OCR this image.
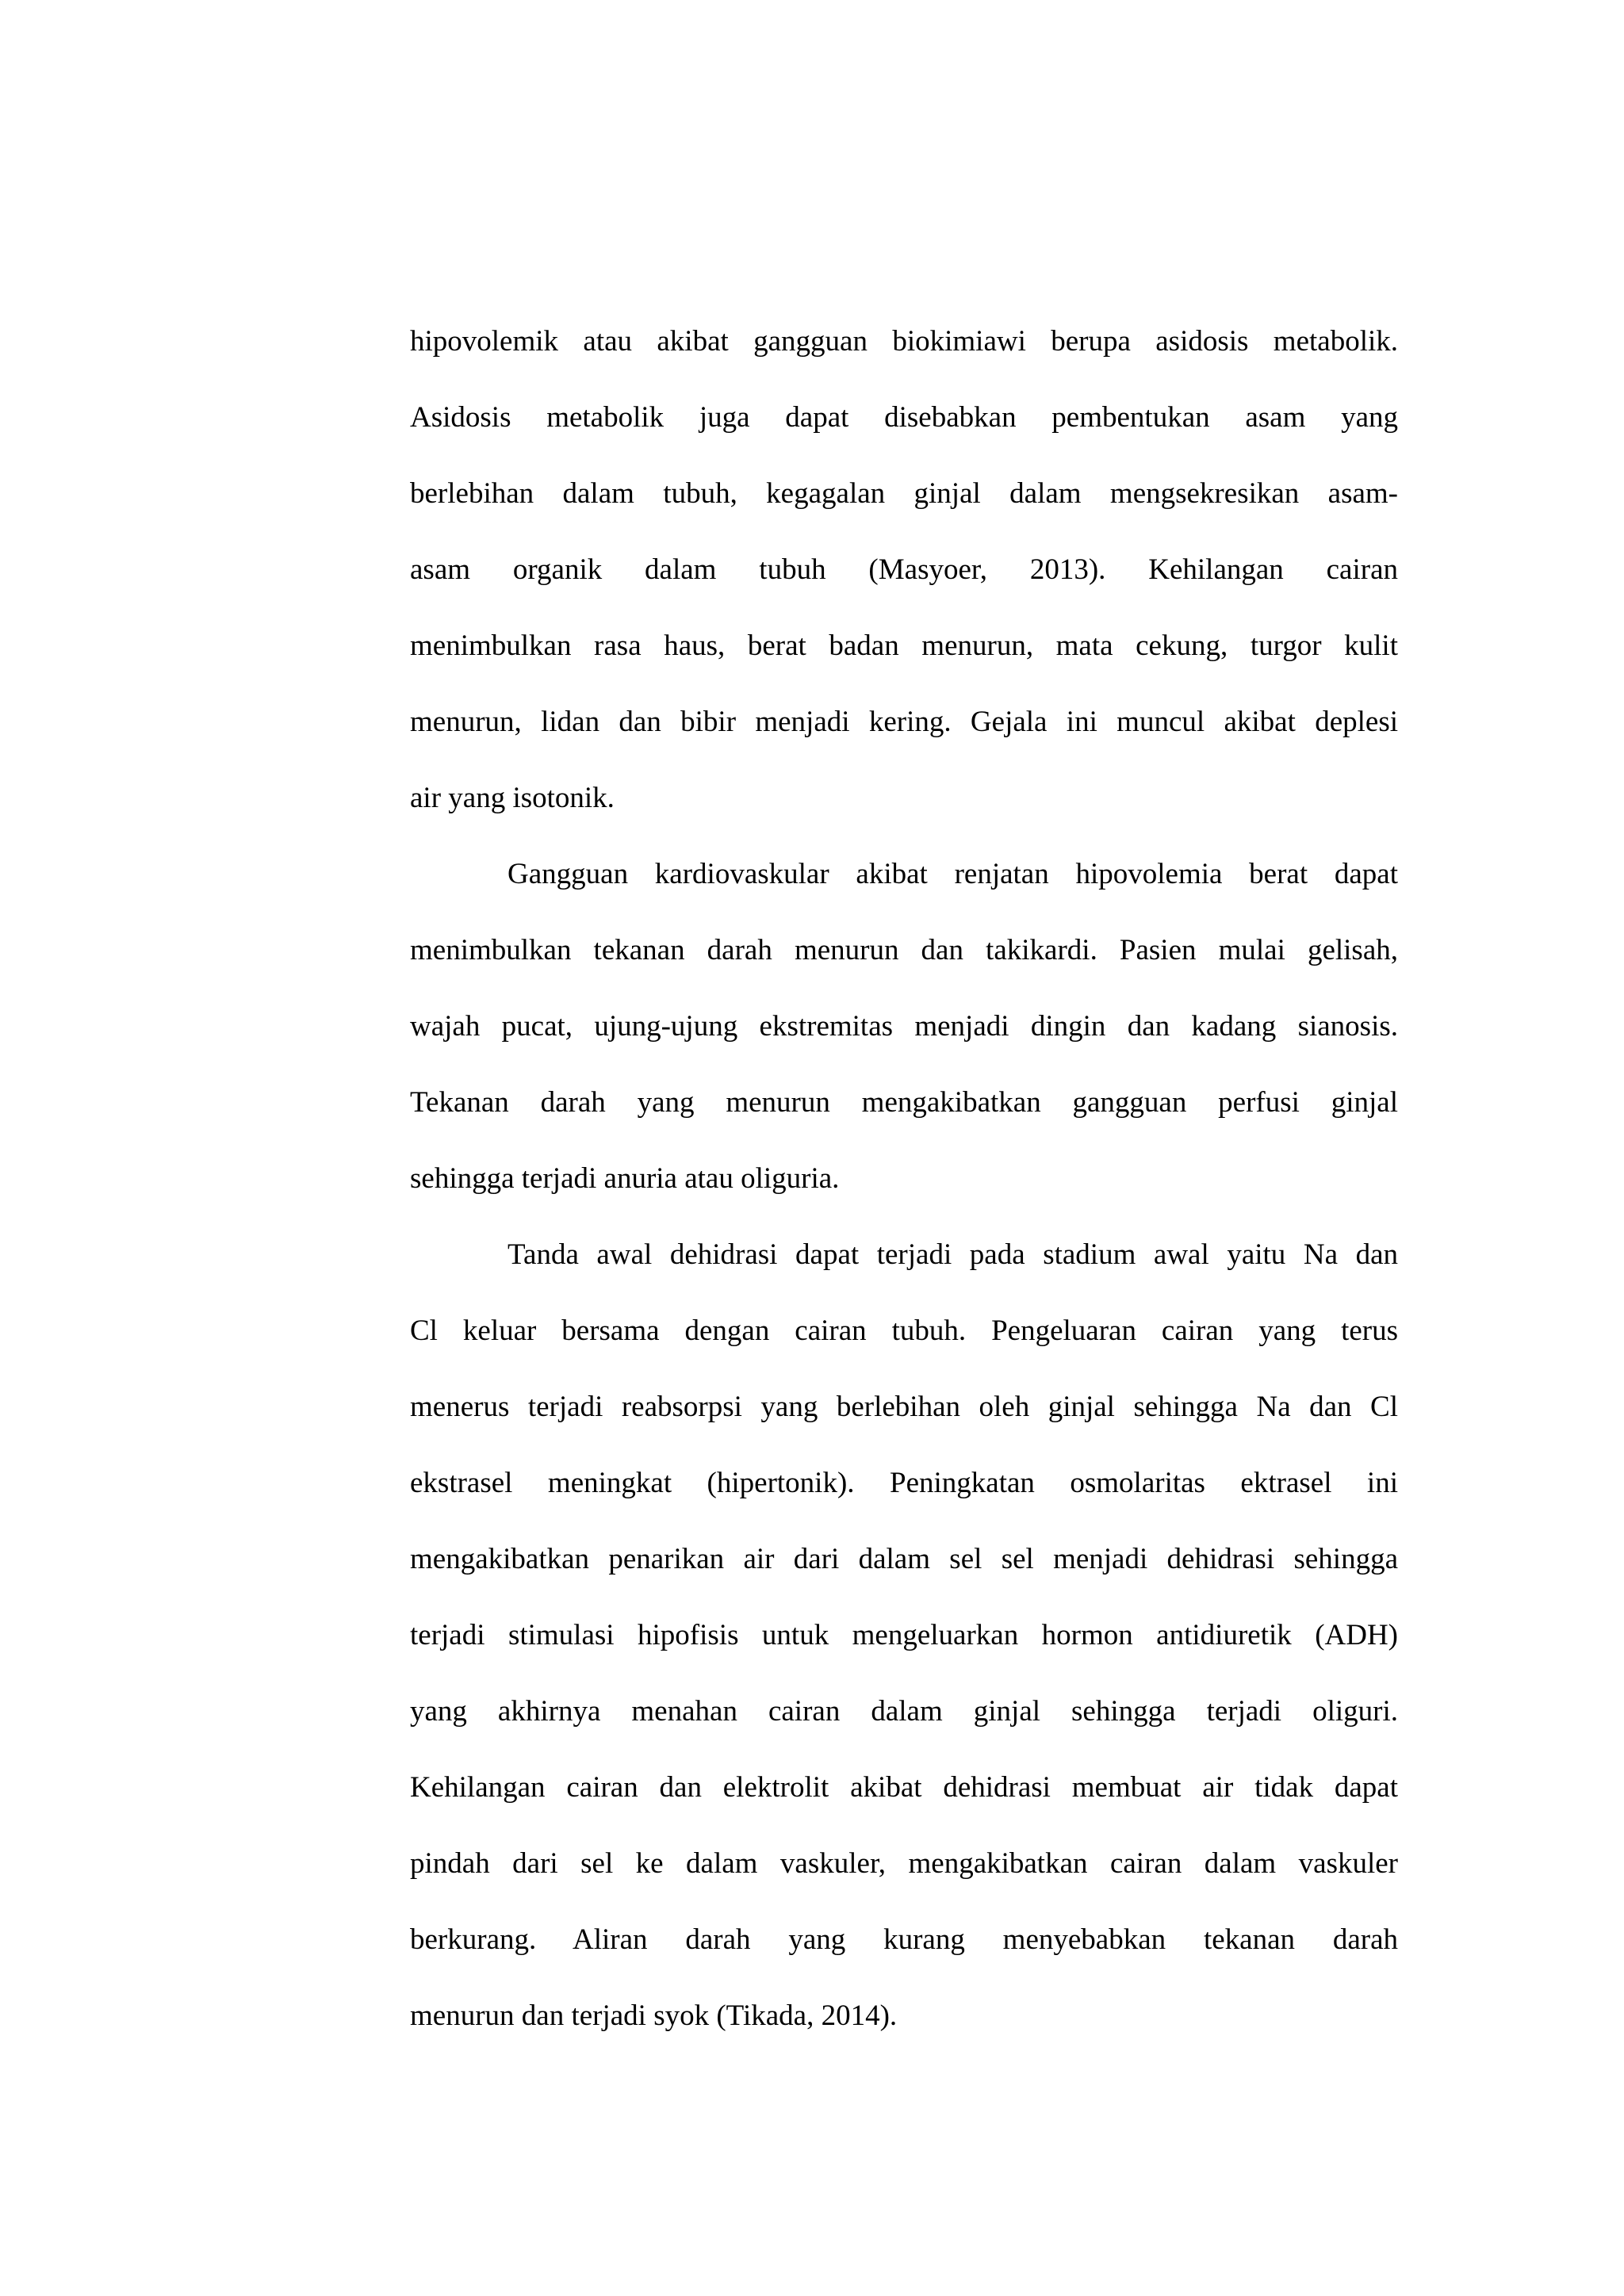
hipovolemik atau akibat gangguan biokimiawi berupa asidosis metabolik.
Asidosis metabolik juga dapat disebabkan pembentukan asam yang
berlebihan dalam tubuh, kegagalan ginjal dalam mengsekresikan asam-
asam organik dalam tubuh (Masyoer, 2013). Kehilangan cairan
menimbulkan rasa haus, berat badan menurun, mata cekung, turgor kulit
menurun, lidan dan bibir menjadi kering. Gejala ini muncul akibat deplesi
air yang isotonik.
Gangguan kardiovaskular akibat renjatan hipovolemia berat dapat
menimbulkan tekanan darah menurun dan takikardi. Pasien mulai gelisah,
wajah pucat, ujung-ujung ekstremitas menjadi dingin dan kadang sianosis.
Tekanan darah yang menurun mengakibatkan gangguan perfusi ginjal
sehingga terjadi anuria atau oliguria.
Tanda awal dehidrasi dapat terjadi pada stadium awal yaitu Na dan
Cl keluar bersama dengan cairan tubuh. Pengeluaran cairan yang terus
menerus terjadi reabsorpsi yang berlebihan oleh ginjal sehingga Na dan Cl
ekstrasel meningkat (hipertonik). Peningkatan osmolaritas ektrasel ini
mengakibatkan penarikan air dari dalam sel sel menjadi dehidrasi sehingga
terjadi stimulasi hipofisis untuk mengeluarkan hormon antidiuretik (ADH)
yang akhirnya menahan cairan dalam ginjal sehingga terjadi oliguri.
Kehilangan cairan dan elektrolit akibat dehidrasi membuat air tidak dapat
pindah dari sel ke dalam vaskuler, mengakibatkan cairan dalam vaskuler
berkurang. Aliran darah yang kurang menyebabkan tekanan darah
menurun dan terjadi syok (Tikada, 2014).
